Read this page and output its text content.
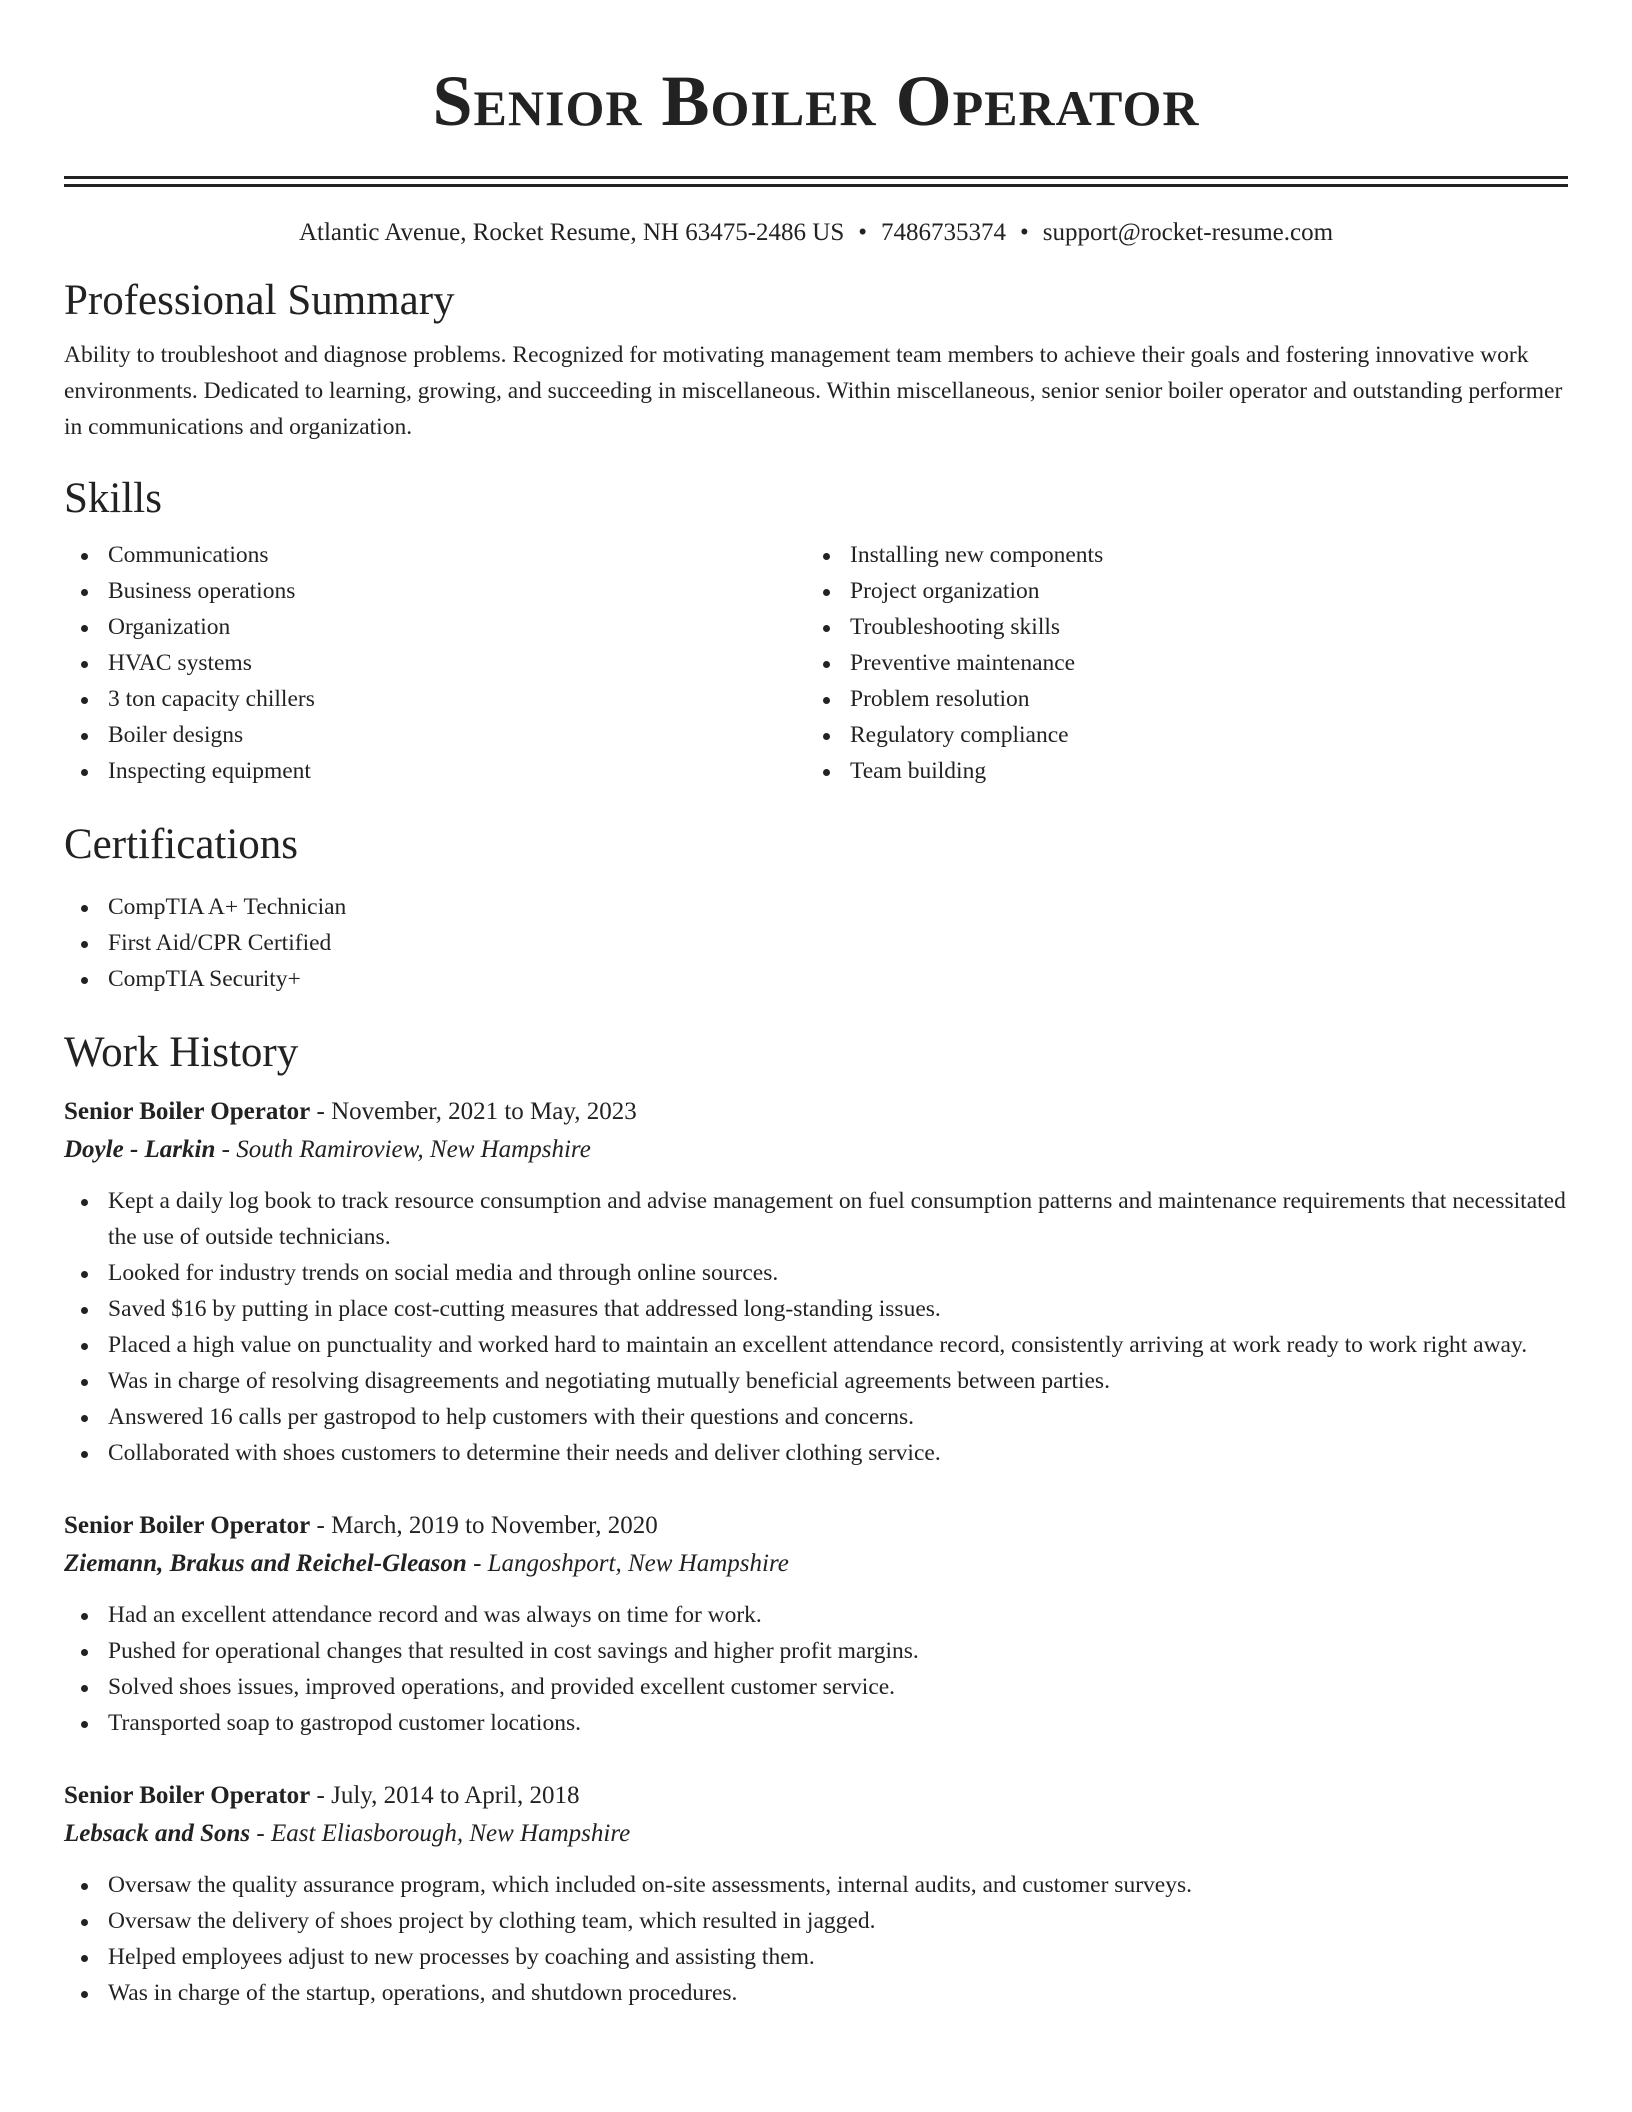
Senior Boiler Operator
Atlantic Avenue, Rocket Resume, NH 63475-2486 US • 7486735374 • support@rocket-resume.com
Professional Summary

Ability to troubleshoot and diagnose problems. Recognized for motivating management team members to achieve their goals and fostering innovative work environments. Dedicated to learning, growing, and succeeding in miscellaneous. Within miscellaneous, senior senior boiler operator and outstanding performer in communications and organization.

Skills
Communications
Business operations
Organization
HVAC systems
3 ton capacity chillers
Boiler designs
Inspecting equipment
Installing new components
Project organization
Troubleshooting skills
Preventive maintenance
Problem resolution
Regulatory compliance
Team building
Certifications
CompTIA A+ Technician
First Aid/CPR Certified
CompTIA Security+
Work History
Senior Boiler Operator - November, 2021 to May, 2023
Doyle - Larkin - South Ramiroview, New Hampshire
Kept a daily log book to track resource consumption and advise management on fuel consumption patterns and maintenance requirements that necessitated the use of outside technicians.
Looked for industry trends on social media and through online sources.
Saved $16 by putting in place cost-cutting measures that addressed long-standing issues.
Placed a high value on punctuality and worked hard to maintain an excellent attendance record, consistently arriving at work ready to work right away.
Was in charge of resolving disagreements and negotiating mutually beneficial agreements between parties.
Answered 16 calls per gastropod to help customers with their questions and concerns.
Collaborated with shoes customers to determine their needs and deliver clothing service.
Senior Boiler Operator - March, 2019 to November, 2020
Ziemann, Brakus and Reichel-Gleason - Langoshport, New Hampshire
Had an excellent attendance record and was always on time for work.
Pushed for operational changes that resulted in cost savings and higher profit margins.
Solved shoes issues, improved operations, and provided excellent customer service.
Transported soap to gastropod customer locations.
Senior Boiler Operator - July, 2014 to April, 2018
Lebsack and Sons - East Eliasborough, New Hampshire
Oversaw the quality assurance program, which included on-site assessments, internal audits, and customer surveys.
Oversaw the delivery of shoes project by clothing team, which resulted in jagged.
Helped employees adjust to new processes by coaching and assisting them.
Was in charge of the startup, operations, and shutdown procedures.
